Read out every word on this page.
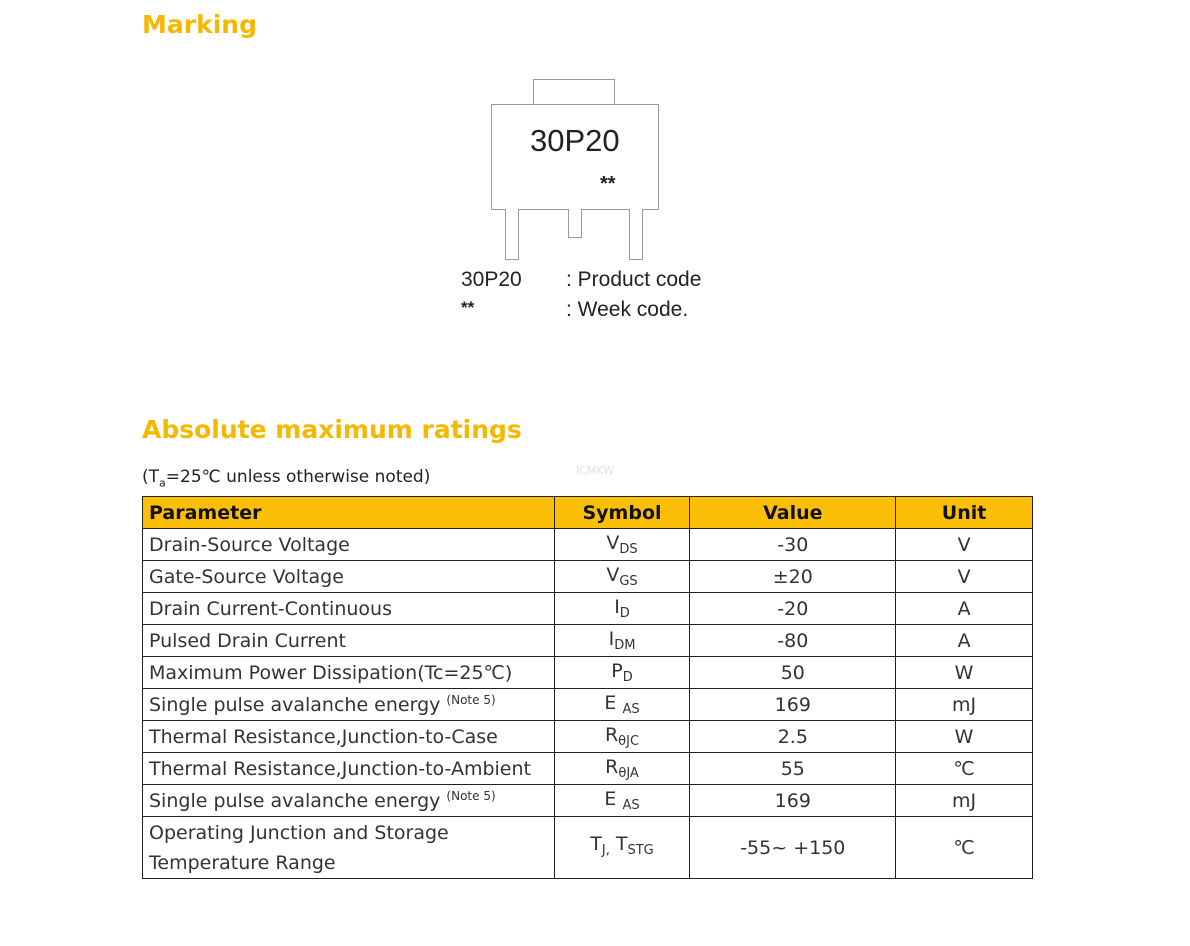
Marking
30P20
**
30P20 : Product code
**	: Week code.
Absolute maximum ratings
($T_a=25℃$ unless otherwise noted)	ICMKW
Parameter	Symbol	Value	Unit
Drain-Source Voltage	$V_{DS}$	-30	V
Gate-Source Voltage	$V_{GS}$	±20	V
Drain Current-Continuous	$I_D$	-20	A
Pulsed Drain Current	$I_{DM}$	-80	A
Maximum Power Dissipation(Tc=25℃)	$P_D$	50	W
Single pulse avalanche energy $^{(Note 5)}$	E $_{AS}$	169	mJ
Thermal Resistance,Junction-to-Case	$R_{\theta JC}$	2.5	W
Thermal Resistance,Junction-to-Ambient	$R_{\theta JA}$	55	℃
Single pulse avalanche energy $^{(Note 5)}$	E $_{AS}$	169	mJ
Operating Junction and Storage
Temperature Range	$T_{J,}$ $T_{STG}$	-55~ +150	℃
